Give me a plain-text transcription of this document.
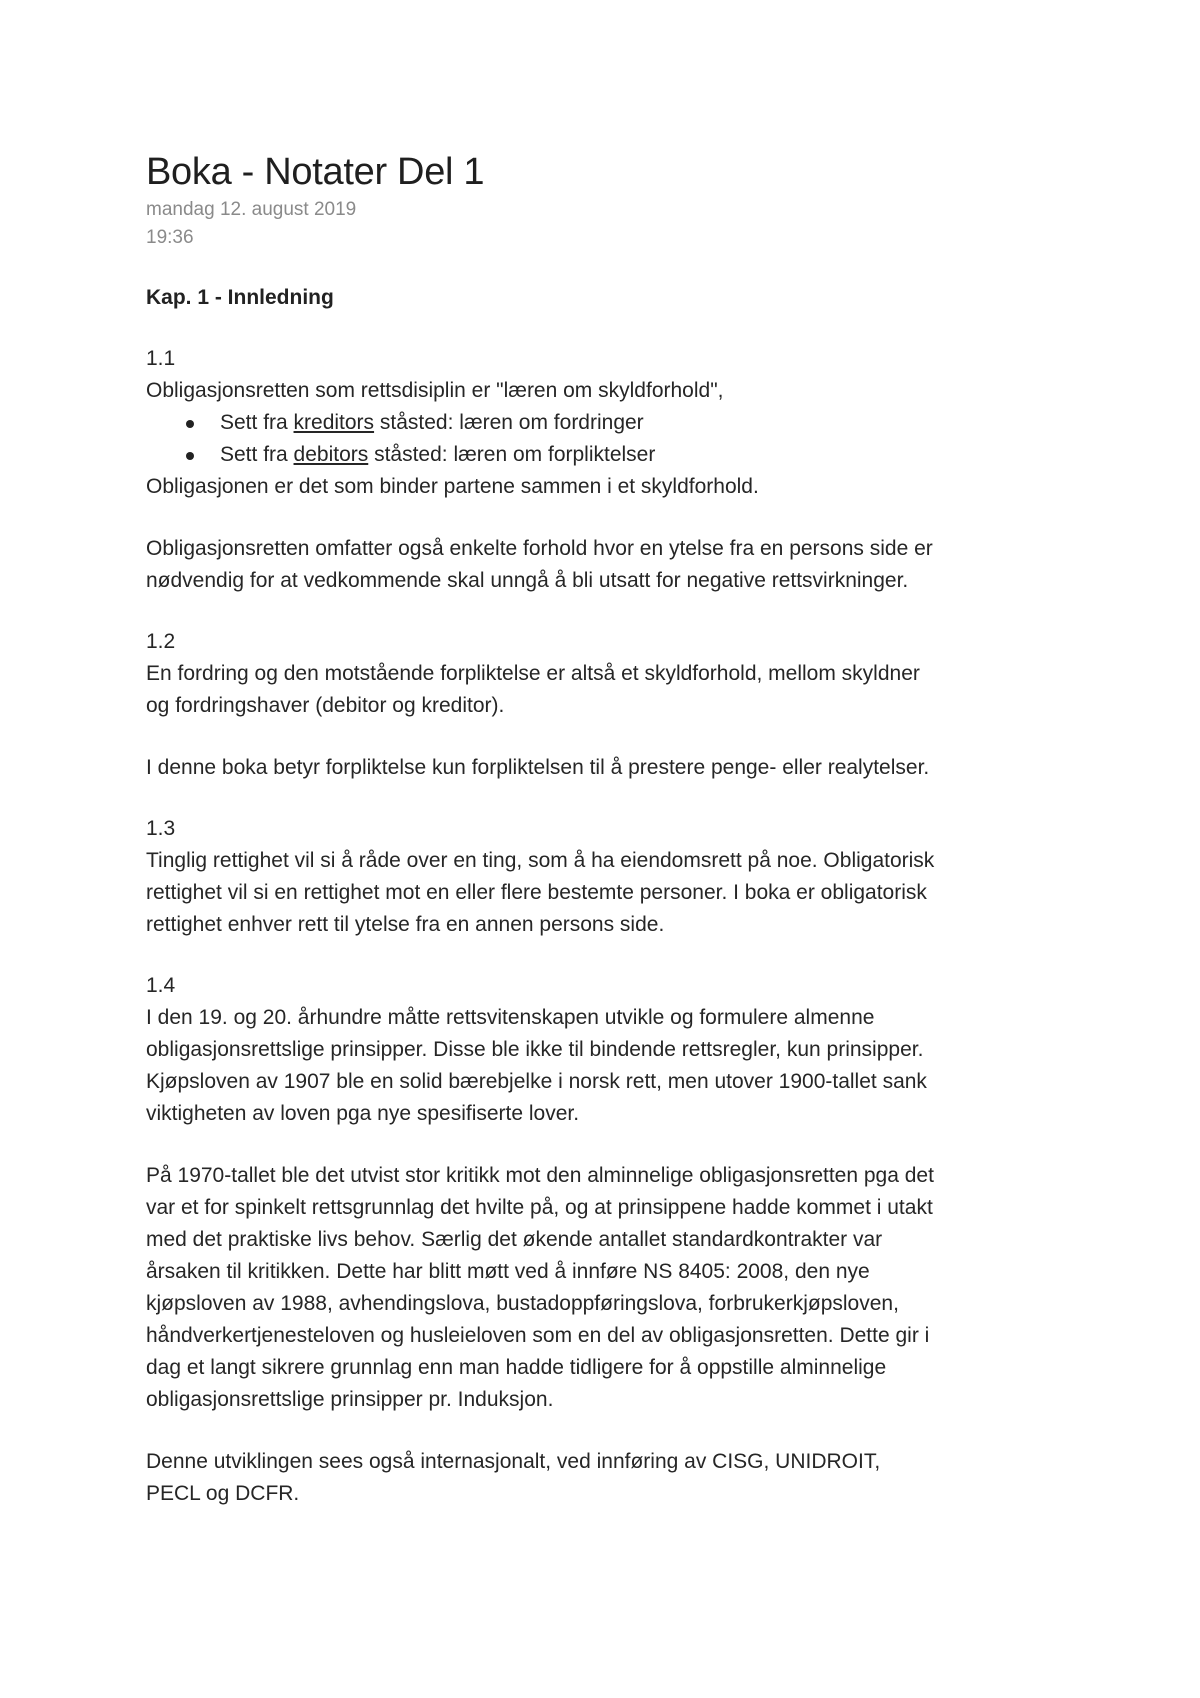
Boka - Notater Del 1
mandag 12. august 2019
19:36
Kap. 1 - Innledning
1.1
Obligasjonsretten som rettsdisiplin er "læren om skyldforhold",
Sett fra kreditors ståsted: læren om fordringer
Sett fra debitors ståsted: læren om forpliktelser
Obligasjonen er det som binder partene sammen i et skyldforhold.
Obligasjonsretten omfatter også enkelte forhold hvor en ytelse fra en persons side er
nødvendig for at vedkommende skal unngå å bli utsatt for negative rettsvirkninger.
1.2
En fordring og den motstående forpliktelse er altså et skyldforhold, mellom skyldner
og fordringshaver (debitor og kreditor).
I denne boka betyr forpliktelse kun forpliktelsen til å prestere penge- eller realytelser.
1.3
Tinglig rettighet vil si å råde over en ting, som å ha eiendomsrett på noe. Obligatorisk
rettighet vil si en rettighet mot en eller flere bestemte personer. I boka er obligatorisk
rettighet enhver rett til ytelse fra en annen persons side.
1.4
I den 19. og 20. århundre måtte rettsvitenskapen utvikle og formulere almenne
obligasjonsrettslige prinsipper. Disse ble ikke til bindende rettsregler, kun prinsipper.
Kjøpsloven av 1907 ble en solid bærebjelke i norsk rett, men utover 1900-tallet sank
viktigheten av loven pga nye spesifiserte lover.
På 1970-tallet ble det utvist stor kritikk mot den alminnelige obligasjonsretten pga det
var et for spinkelt rettsgrunnlag det hvilte på, og at prinsippene hadde kommet i utakt
med det praktiske livs behov. Særlig det økende antallet standardkontrakter var
årsaken til kritikken. Dette har blitt møtt ved å innføre NS 8405: 2008, den nye
kjøpsloven av 1988, avhendingslova, bustadoppføringslova, forbrukerkjøpsloven,
håndverkertjenesteloven og husleieloven som en del av obligasjonsretten. Dette gir i
dag et langt sikrere grunnlag enn man hadde tidligere for å oppstille alminnelige
obligasjonsrettslige prinsipper pr. Induksjon.
Denne utviklingen sees også internasjonalt, ved innføring av CISG, UNIDROIT,
PECL og DCFR.
